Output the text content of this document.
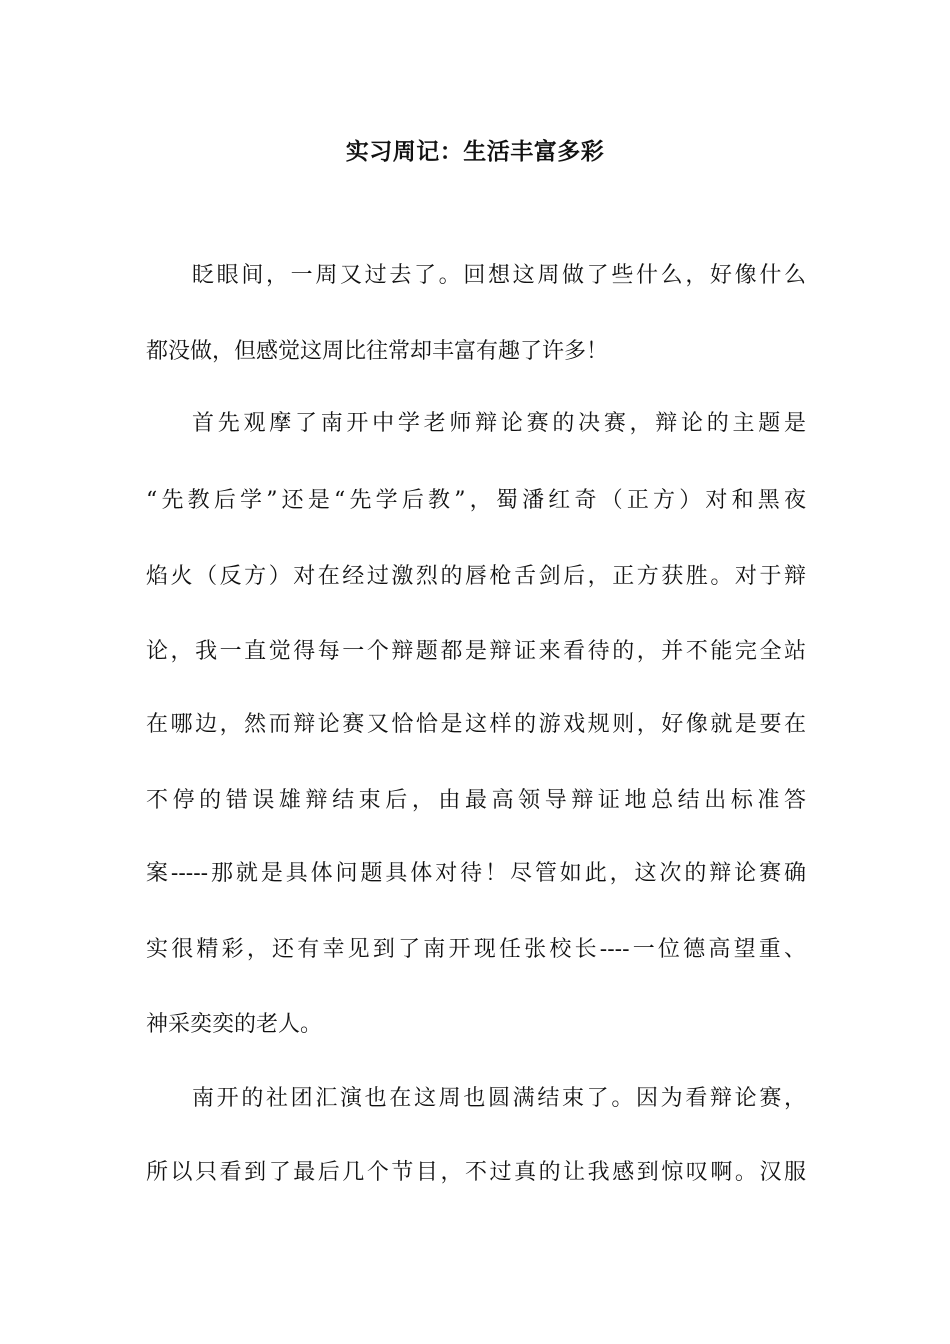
实习周记：生活丰富多彩

眨眼间，一周又过去了。回想这周做了些什么，好像什么

都没做，但感觉这周比往常却丰富有趣了许多！

首先观摩了南开中学老师辩论赛的决赛，辩论的主题是

“先教后学”还是“先学后教”，蜀潘红奇（正方）对和黑夜

焰火（反方）对在经过激烈的唇枪舌剑后，正方获胜。对于辩

论，我一直觉得每一个辩题都是辩证来看待的，并不能完全站

在哪边，然而辩论赛又恰恰是这样的游戏规则，好像就是要在

不停的错误雄辩结束后，由最高领导辩证地总结出标准答

案-----那就是具体问题具体对待！尽管如此，这次的辩论赛确

实很精彩，还有幸见到了南开现任张校长----一位德高望重、

神采奕奕的老人。

南开的社团汇演也在这周也圆满结束了。因为看辩论赛，

所以只看到了最后几个节目，不过真的让我感到惊叹啊。汉服
